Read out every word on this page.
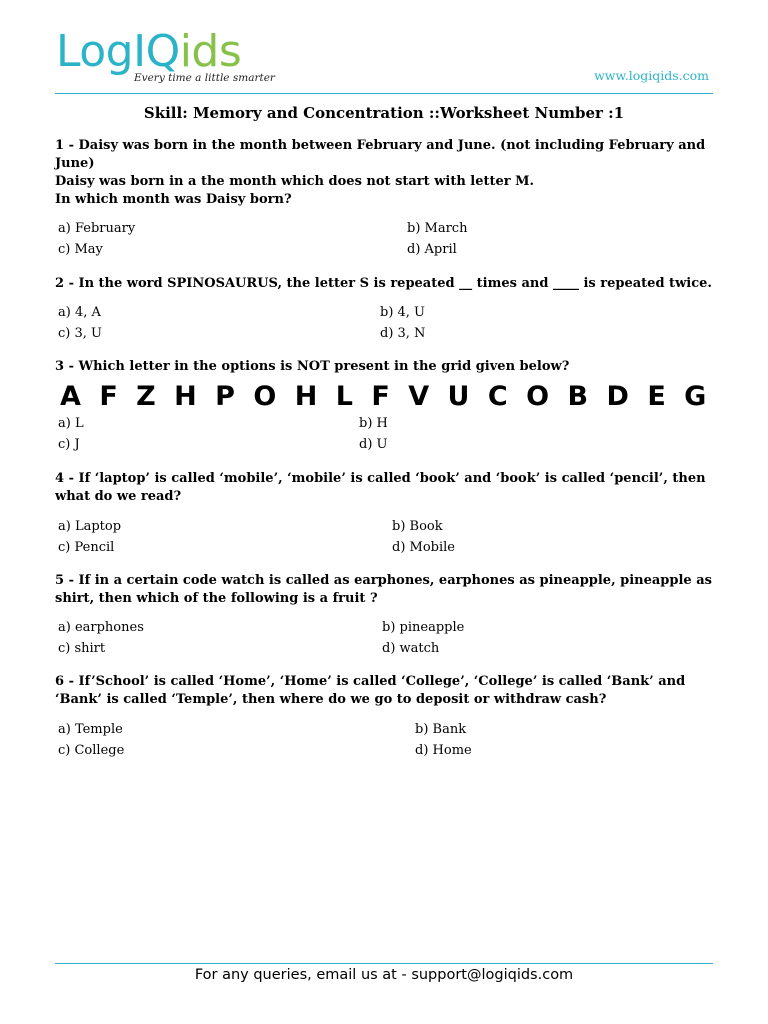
LogIQids
Every time a little smarter	www.logiqids.com
Skill: Memory and Concentration ::Worksheet Number :1
1 - Daisy was born in the month between February and June. (not including February and
June)
Daisy was born in a the month which does not start with letter M.
In which month was Daisy born?
a) February	b) March
c) May	d) April
2 - In the word SPINOSAURUS, the letter S is repeated __ times and ____ is repeated twice.
a) 4, A	b) 4, U
c) 3, U	d) 3, N
3 - Which letter in the options is NOT present in the grid given below?
A F Z H P O H L F V U C O B D E G
a) L	b) H
c) J	d) U
4 - If ‘laptop’ is called ‘mobile’, ‘mobile’ is called ‘book’ and ‘book’ is called ‘pencil’, then
what do we read?
a) Laptop	b) Book
c) Pencil	d) Mobile
5 - If in a certain code watch is called as earphones, earphones as pineapple, pineapple as
shirt, then which of the following is a fruit ?
a) earphones	b) pineapple
c) shirt	d) watch
6 - If’School’ is called ‘Home’, ‘Home’ is called ‘College’, ‘College’ is called ‘Bank’ and
‘Bank’ is called ‘Temple’, then where do we go to deposit or withdraw cash?
a) Temple	b) Bank
c) College	d) Home
For any queries, email us at - support@logiqids.com
